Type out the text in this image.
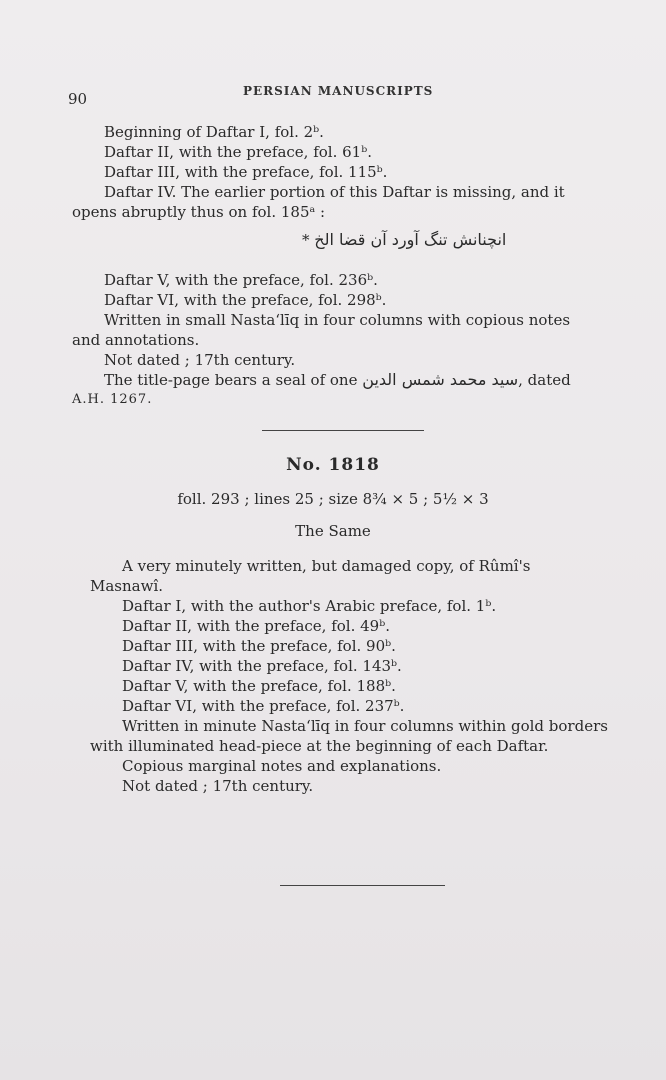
90	PERSIAN MANUSCRIPTS
Beginning of Daftar I, fol. 2ᵇ.
Daftar II, with the preface, fol. 61ᵇ.
Daftar III, with the preface, fol. 115ᵇ.
Daftar IV. The earlier portion of this Daftar is missing, and it
opens abruptly thus on fol. 185ᵃ :
* انچنانش تنگ آورد آن قضا الخ
Daftar V, with the preface, fol. 236ᵇ.
Daftar VI, with the preface, fol. 298ᵇ.
Written in small Nastaʻlīq in four columns with copious notes
and annotations.
Not dated ; 17th century.
The title-page bears a seal of one سید محمد شمس الدین, dated
A.H. 1267.
No. 1818
foll. 293 ; lines 25 ; size 8¾ × 5 ; 5½ × 3
The Same
A very minutely written, but damaged copy, of Rûmî's
Masnawî.
Daftar I, with the author's Arabic preface, fol. 1ᵇ.
Daftar II, with the preface, fol. 49ᵇ.
Daftar III, with the preface, fol. 90ᵇ.
Daftar IV, with the preface, fol. 143ᵇ.
Daftar V, with the preface, fol. 188ᵇ.
Daftar VI, with the preface, fol. 237ᵇ.
Written in minute Nastaʻlīq in four columns within gold borders
with illuminated head-piece at the beginning of each Daftar.
Copious marginal notes and explanations.
Not dated ; 17th century.
